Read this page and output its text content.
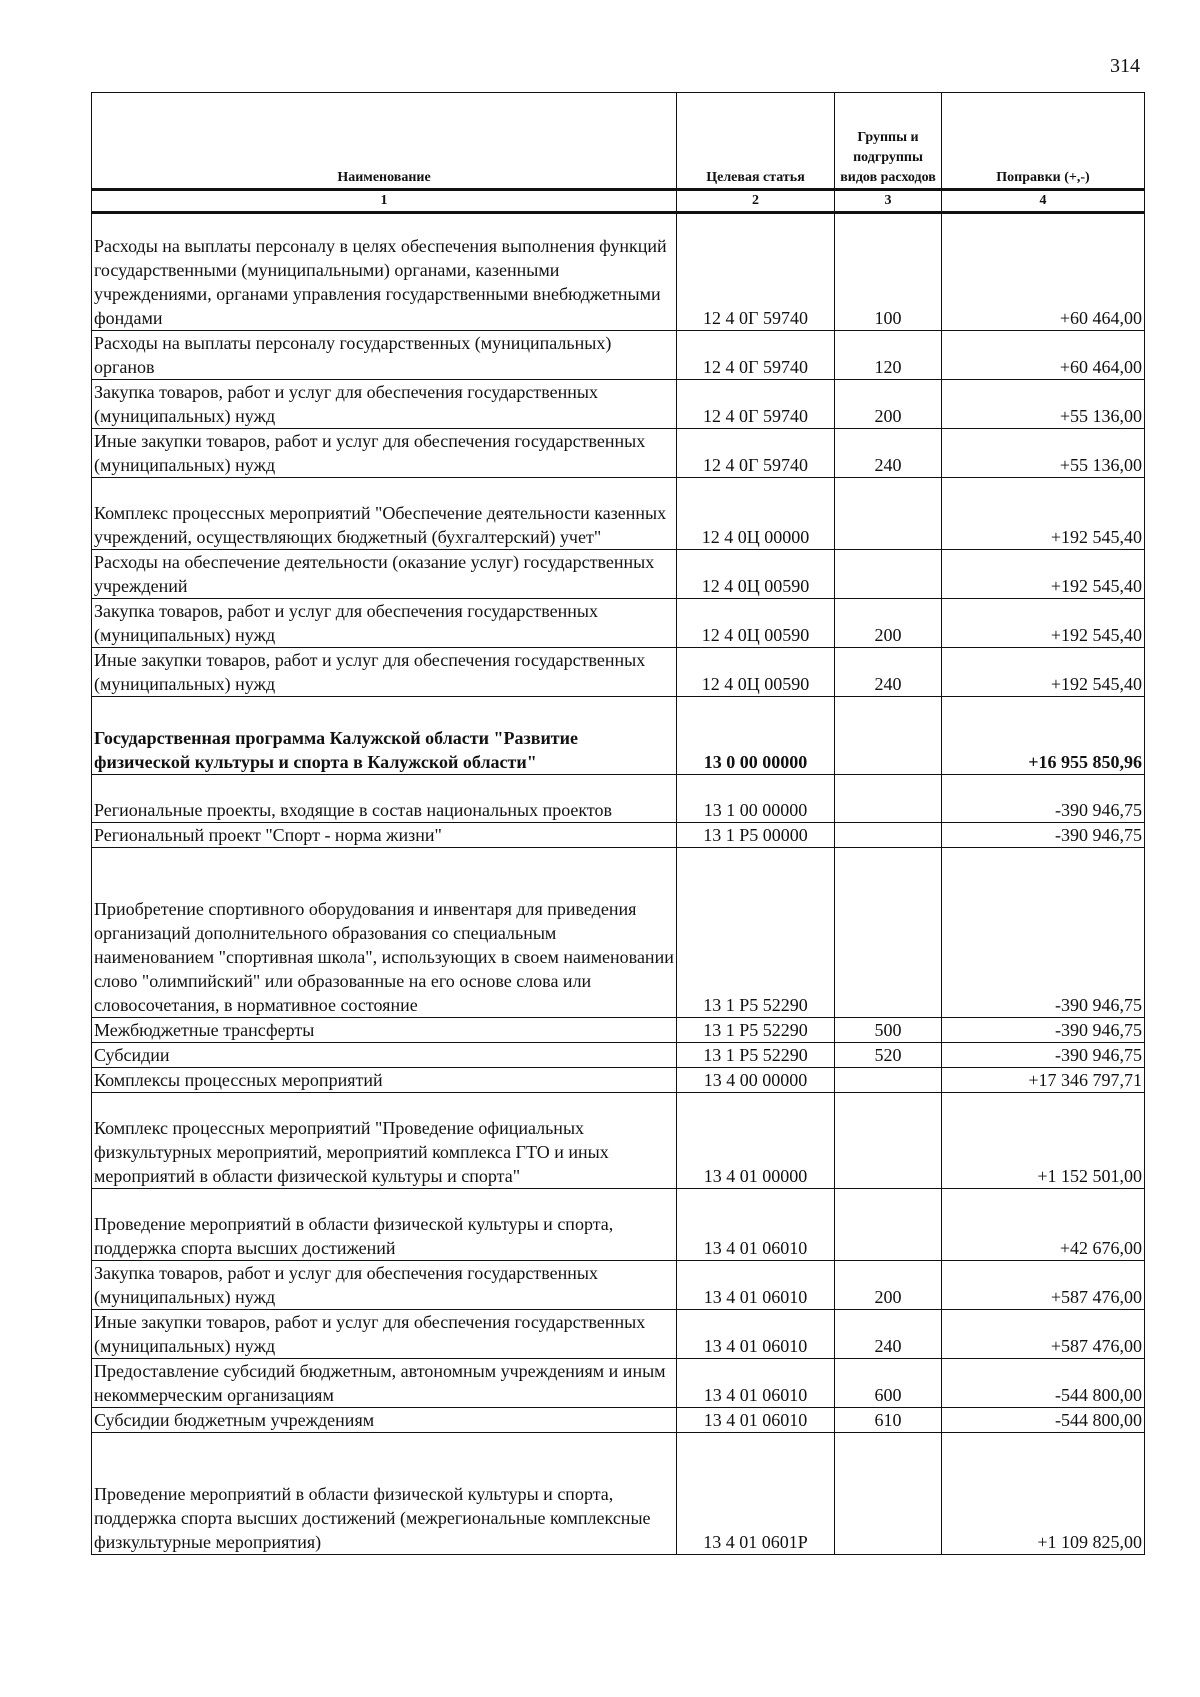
314
Наименование	Целевая статья	Группы и подгруппы видов расходов	Поправки (+,-)
1	2	3	4
Расходы на выплаты персоналу в целях обеспечения выполнения функций государственными (муниципальными) органами, казенными учреждениями, органами управления государственными внебюджетными фондами	12 4 0Г 59740	100	+60 464,00
Расходы на выплаты персоналу государственных (муниципальных) органов	12 4 0Г 59740	120	+60 464,00
Закупка товаров, работ и услуг для обеспечения государственных (муниципальных) нужд	12 4 0Г 59740	200	+55 136,00
Иные закупки товаров, работ и услуг для обеспечения государственных (муниципальных) нужд	12 4 0Г 59740	240	+55 136,00
Комплекс процессных мероприятий "Обеспечение деятельности казенных учреждений, осуществляющих бюджетный (бухгалтерский) учет"	12 4 0Ц 00000		+192 545,40
Расходы на обеспечение деятельности (оказание услуг) государственных учреждений	12 4 0Ц 00590		+192 545,40
Закупка товаров, работ и услуг для обеспечения государственных (муниципальных) нужд	12 4 0Ц 00590	200	+192 545,40
Иные закупки товаров, работ и услуг для обеспечения государственных (муниципальных) нужд	12 4 0Ц 00590	240	+192 545,40
Государственная программа Калужской области "Развитие физической культуры и спорта в Калужской области"	13 0 00 00000		+16 955 850,96
Региональные проекты, входящие в состав национальных проектов	13 1 00 00000		-390 946,75
Региональный проект "Спорт - норма жизни"	13 1 P5 00000		-390 946,75
Приобретение спортивного оборудования и инвентаря для приведения организаций дополнительного образования со специальным наименованием "спортивная школа", использующих в своем наименовании слово "олимпийский" или образованные на его основе слова или словосочетания, в нормативное состояние	13 1 P5 52290		-390 946,75
Межбюджетные трансферты	13 1 P5 52290	500	-390 946,75
Субсидии	13 1 P5 52290	520	-390 946,75
Комплексы процессных мероприятий	13 4 00 00000		+17 346 797,71
Комплекс процессных мероприятий "Проведение официальных физкультурных мероприятий, мероприятий комплекса ГТО и иных мероприятий в области физической культуры и спорта"	13 4 01 00000		+1 152 501,00
Проведение мероприятий в области физической культуры и спорта, поддержка спорта высших достижений	13 4 01 06010		+42 676,00
Закупка товаров, работ и услуг для обеспечения государственных (муниципальных) нужд	13 4 01 06010	200	+587 476,00
Иные закупки товаров, работ и услуг для обеспечения государственных (муниципальных) нужд	13 4 01 06010	240	+587 476,00
Предоставление субсидий бюджетным, автономным учреждениям и иным некоммерческим организациям	13 4 01 06010	600	-544 800,00
Субсидии бюджетным учреждениям	13 4 01 06010	610	-544 800,00
Проведение мероприятий в области физической культуры и спорта, поддержка спорта высших достижений (межрегиональные комплексные физкультурные мероприятия)	13 4 01 0601P		+1 109 825,00
